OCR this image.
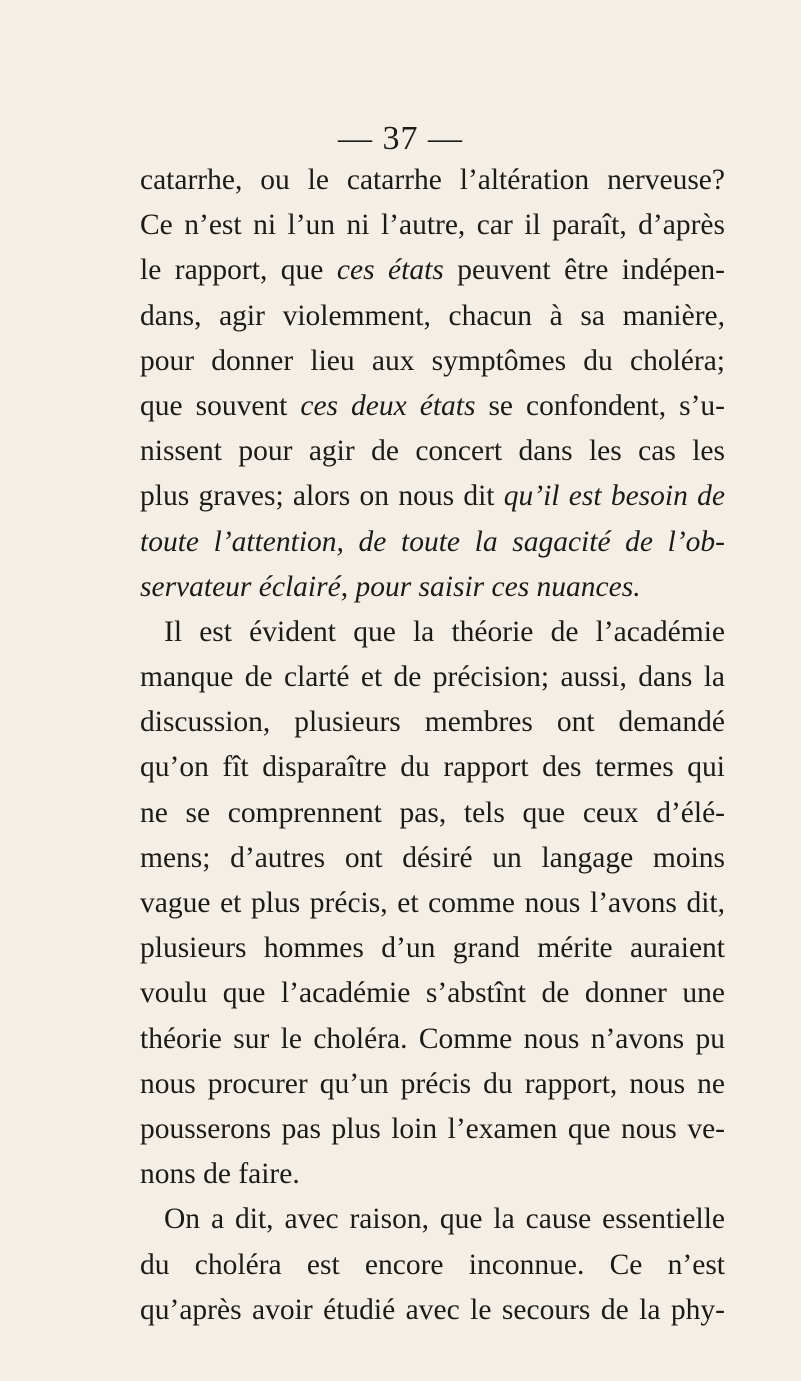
— 37 —

catarrhe, ou le catarrhe l’altération nerveuse?

Ce n’est ni l’un ni l’autre, car il paraît, d’après

le rapport, que ces états peuvent être indépen-

dans, agir violemment, chacun à sa manière,

pour donner lieu aux symptômes du choléra;

que souvent ces deux états se confondent, s’u-

nissent pour agir de concert dans les cas les

plus graves; alors on nous dit qu’il est besoin de

toute l’attention, de toute la sagacité de l’ob-

servateur éclairé, pour saisir ces nuances.

Il est évident que la théorie de l’académie

manque de clarté et de précision; aussi, dans la

discussion, plusieurs membres ont demandé

qu’on fît disparaître du rapport des termes qui

ne se comprennent pas, tels que ceux d’élé-

mens; d’autres ont désiré un langage moins

vague et plus précis, et comme nous l’avons dit,

plusieurs hommes d’un grand mérite auraient

voulu que l’académie s’abstînt de donner une

théorie sur le choléra. Comme nous n’avons pu

nous procurer qu’un précis du rapport, nous ne

pousserons pas plus loin l’examen que nous ve-

nons de faire.

On a dit, avec raison, que la cause essentielle

du choléra est encore inconnue. Ce n’est

qu’après avoir étudié avec le secours de la phy-
